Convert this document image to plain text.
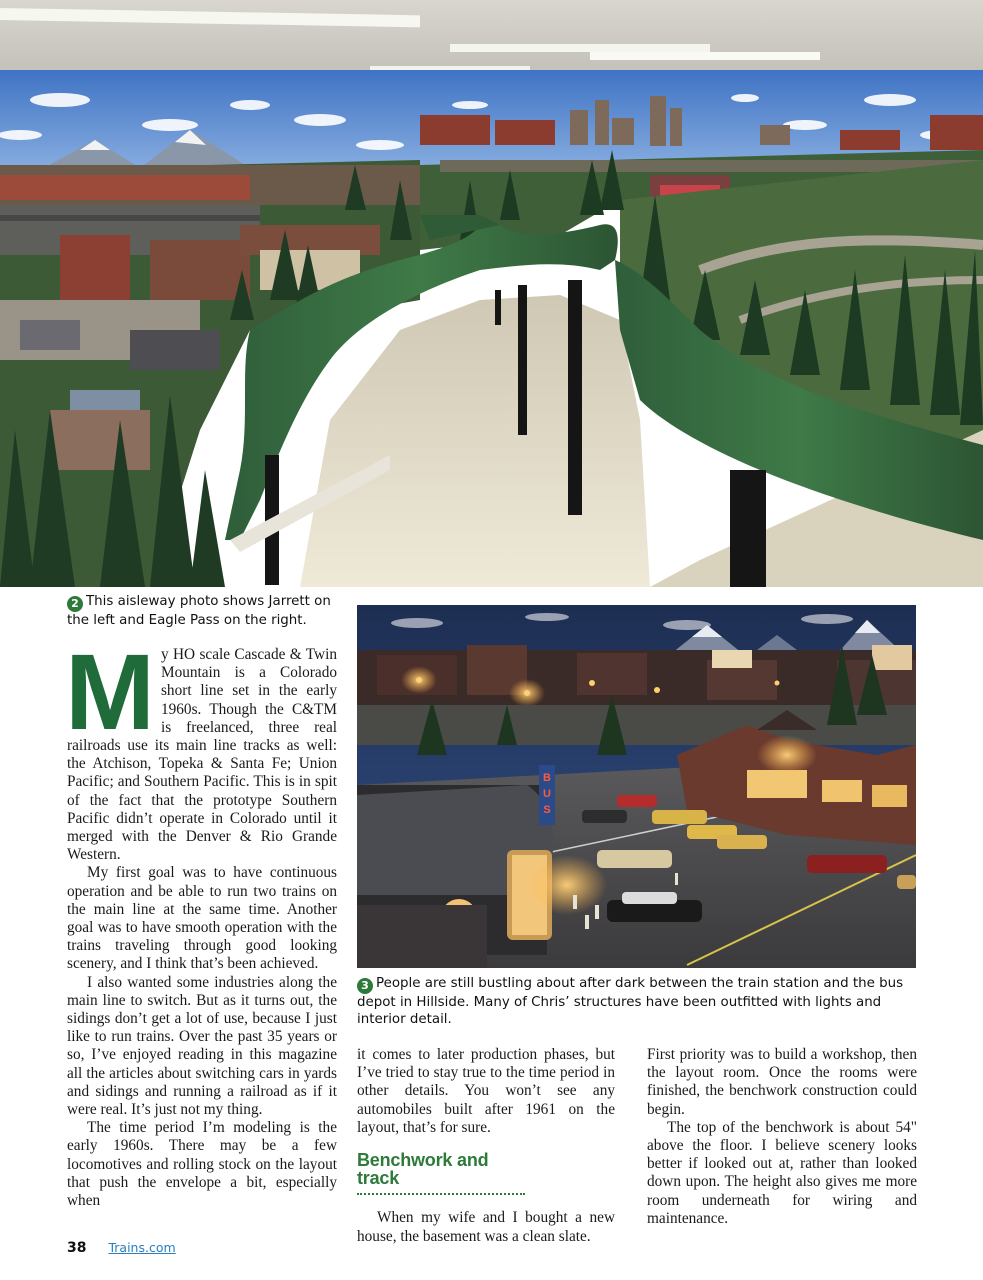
2 This aisleway photo shows Jarrett on the left and Eagle Pass on the right.
B
U
S
3 People are still bustling about after dark between the train station and the bus depot in Hillside. Many of Chris’ structures have been outfitted with lights and interior detail.

My HO scale Cascade & Twin Mountain is a Colorado short line set in the early 1960s. Though the C&TM is freelanced, three real railroads use its main line tracks as well: the Atchison, Topeka & Santa Fe; Union Pacific; and Southern Pacific. This is in spit of the fact that the prototype Southern Pacific didn’t operate in Colorado until it merged with the Denver & Rio Grande Western.

My first goal was to have continuous operation and be able to run two trains on the main line at the same time. Another goal was to have smooth operation with the trains traveling through good looking scenery, and I think that’s been achieved.

I also wanted some industries along the main line to switch. But as it turns out, the sidings don’t get a lot of use, because I just like to run trains. Over the past 35 years or so, I’ve enjoyed reading in this magazine all the articles about switching cars in yards and sidings and running a railroad as if it were real. It’s just not my thing.

The time period I’m modeling is the early 1960s. There may be a few locomotives and rolling stock on the layout that push the envelope a bit, especially when

it comes to later production phases, but I’ve tried to stay true to the time period in other details. You won’t see any automobiles built after 1961 on the layout, that’s for sure.

Benchwork and track

When my wife and I bought a new house, the basement was a clean slate.

First priority was to build a workshop, then the layout room. Once the rooms were finished, the benchwork construction could begin.

The top of the benchwork is about 54" above the floor. I believe scenery looks better if looked out at, rather than looked down upon. The height also gives me more room underneath for wiring and maintenance.

38 Trains.com
